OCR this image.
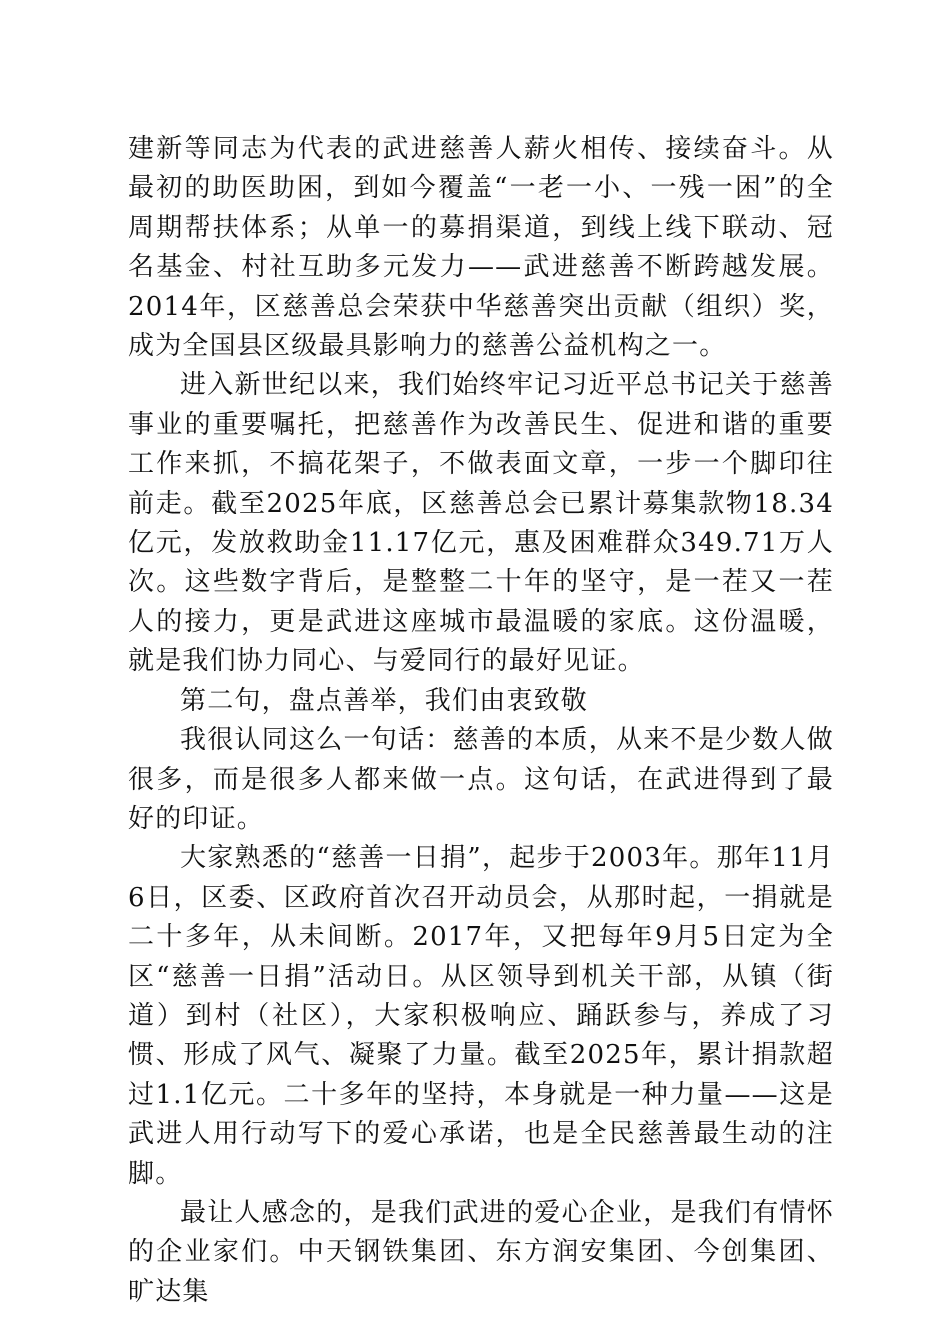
建新等同志为代表的武进慈善人薪火相传、接续奋斗。从最初的助医助困，到如今覆盖“一老一小、一残一困”的全周期帮扶体系；从单一的募捐渠道，到线上线下联动、冠名基金、村社互助多元发力——武进慈善不断跨越发展。2014年，区慈善总会荣获中华慈善突出贡献（组织）奖，成为全国县区级最具影响力的慈善公益机构之一。

进入新世纪以来，我们始终牢记习近平总书记关于慈善事业的重要嘱托，把慈善作为改善民生、促进和谐的重要工作来抓，不搞花架子，不做表面文章，一步一个脚印往前走。截至2025年底，区慈善总会已累计募集款物18.34亿元，发放救助金11.17亿元，惠及困难群众349.71万人次。这些数字背后，是整整二十年的坚守，是一茬又一茬人的接力，更是武进这座城市最温暖的家底。这份温暖，就是我们协力同心、与爱同行的最好见证。

第二句，盘点善举，我们由衷致敬

我很认同这么一句话：慈善的本质，从来不是少数人做很多，而是很多人都来做一点。这句话，在武进得到了最好的印证。

大家熟悉的“慈善一日捐”，起步于2003年。那年11月6日，区委、区政府首次召开动员会，从那时起，一捐就是二十多年，从未间断。2017年，又把每年9月5日定为全区“慈善一日捐”活动日。从区领导到机关干部，从镇（街道）到村（社区），大家积极响应、踊跃参与，养成了习惯、形成了风气、凝聚了力量。截至2025年，累计捐款超过1.1亿元。二十多年的坚持，本身就是一种力量——这是武进人用行动写下的爱心承诺，也是全民慈善最生动的注脚。

最让人感念的，是我们武进的爱心企业，是我们有情怀的企业家们。中天钢铁集团、东方润安集团、今创集团、旷达集
